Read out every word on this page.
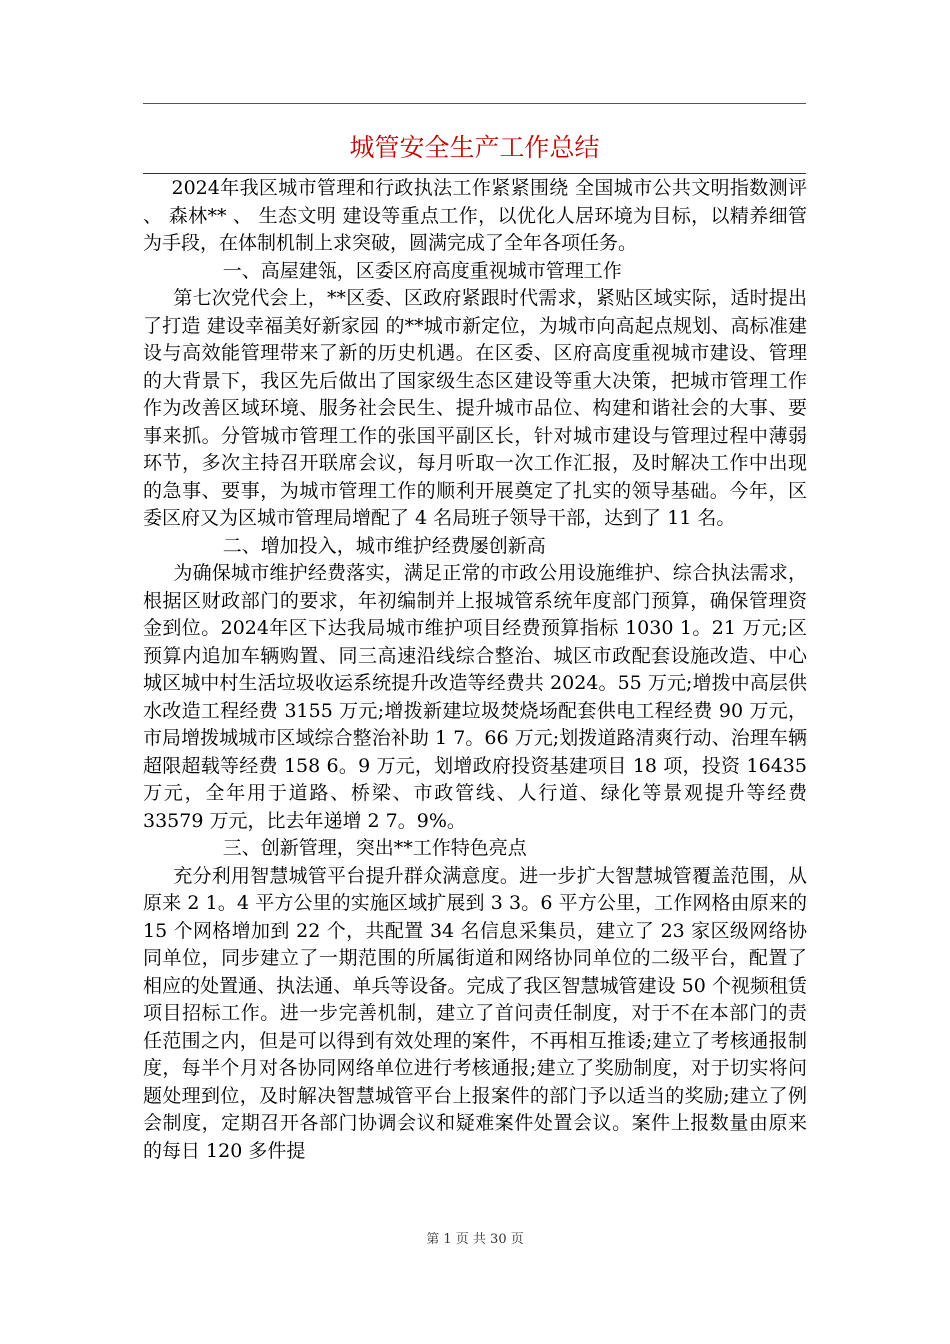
城管安全生产工作总结

2024年我区城市管理和行政执法工作紧紧围绕 全国城市公共文明指数测评 、 森林** 、 生态文明 建设等重点工作，以优化人居环境为目标，以精养细管为手段，在体制机制上求突破，圆满完成了全年各项任务。

一、高屋建瓴，区委区府高度重视城市管理工作

第七次党代会上，**区委、区政府紧跟时代需求，紧贴区域实际，适时提出了打造 建设幸福美好新家园 的**城市新定位，为城市向高起点规划、高标准建设与高效能管理带来了新的历史机遇。在区委、区府高度重视城市建设、管理的大背景下，我区先后做出了国家级生态区建设等重大决策，把城市管理工作作为改善区域环境、服务社会民生、提升城市品位、构建和谐社会的大事、要事来抓。分管城市管理工作的张国平副区长，针对城市建设与管理过程中薄弱环节，多次主持召开联席会议，每月听取一次工作汇报，及时解决工作中出现的急事、要事，为城市管理工作的顺利开展奠定了扎实的领导基础。今年，区委区府又为区城市管理局增配了 4 名局班子领导干部，达到了 11 名。

二、增加投入，城市维护经费屡创新高

为确保城市维护经费落实，满足正常的市政公用设施维护、综合执法需求，根据区财政部门的要求，年初编制并上报城管系统年度部门预算，确保管理资金到位。2024年区下达我局城市维护项目经费预算指标 1030 1。21 万元;区预算内追加车辆购置、同三高速沿线综合整治、城区市政配套设施改造、中心城区城中村生活垃圾收运系统提升改造等经费共 2024。55 万元;增拨中高层供水改造工程经费 3155 万元;增拨新建垃圾焚烧场配套供电工程经费 90 万元，市局增拨城城市区域综合整治补助 1 7。66 万元;划拨道路清爽行动、治理车辆超限超载等经费 158 6。9 万元，划增政府投资基建项目 18 项，投资 16435 万元，全年用于道路、桥梁、市政管线、人行道、绿化等景观提升等经费 33579 万元，比去年递增 2 7。9%。

三、创新管理，突出**工作特色亮点

充分利用智慧城管平台提升群众满意度。进一步扩大智慧城管覆盖范围，从原来 2 1。4 平方公里的实施区域扩展到 3 3。6 平方公里，工作网格由原来的 15 个网格增加到 22 个，共配置 34 名信息采集员，建立了 23 家区级网络协同单位，同步建立了一期范围的所属街道和网络协同单位的二级平台，配置了相应的处置通、执法通、单兵等设备。完成了我区智慧城管建设 50 个视频租赁项目招标工作。进一步完善机制，建立了首问责任制度，对于不在本部门的责任范围之内，但是可以得到有效处理的案件，不再相互推诿;建立了考核通报制度，每半个月对各协同网络单位进行考核通报;建立了奖励制度，对于切实将问题处理到位，及时解决智慧城管平台上报案件的部门予以适当的奖励;建立了例会制度，定期召开各部门协调会议和疑难案件处置会议。案件上报数量由原来的每日 120 多件提

第 1 页 共 30 页
